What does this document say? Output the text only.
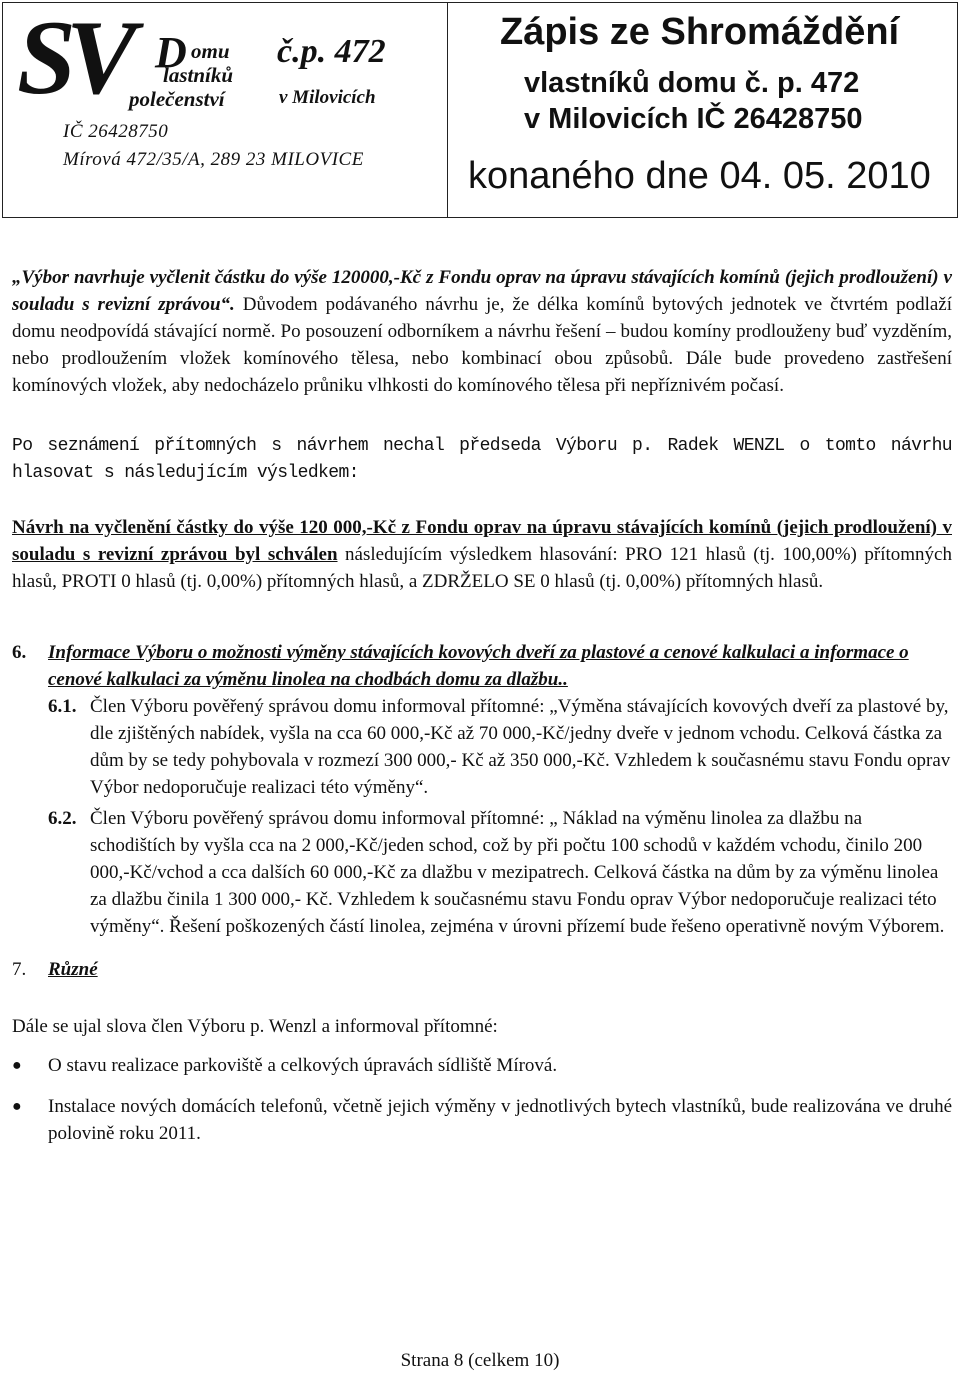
SV D omu
lastníků
polečenství
č.p. 472
v Milovicích
IČ 26428750
Mírová 472/35/A, 289 23 MILOVICE
Zápis ze Shromáždění
vlastníků domu č. p. 472
v Milovicích IČ 26428750
konaného dne 04. 05. 2010

„Výbor navrhuje vyčlenit částku do výše 120000,-Kč z Fondu oprav na úpravu stávajících komínů (jejich prodloužení) v souladu s revizní zprávou“. Důvodem podávaného návrhu je, že délka komínů bytových jednotek ve čtvrtém podlaží domu neodpovídá stávající normě. Po posouzení odborníkem a návrhu řešení – budou komíny prodlouženy buď vyzděním, nebo prodloužením vložek komínového tělesa, nebo kombinací obou způsobů. Dále bude provedeno zastřešení komínových vložek, aby nedocházelo průniku vlhkosti do komínového tělesa při nepříznivém počasí.

Po seznámení přítomných s návrhem nechal předseda Výboru p. Radek WENZL o tomto návrhu hlasovat s následujícím výsledkem:

Návrh na vyčlenění částky do výše 120 000,-Kč z Fondu oprav na úpravu stávajících komínů (jejich prodloužení) v souladu s revizní zprávou byl schválen následujícím výsledkem hlasování: PRO 121 hlasů (tj. 100,00%) přítomných hlasů, PROTI 0 hlasů (tj. 0,00%) přítomných hlasů, a ZDRŽELO SE 0 hlasů (tj. 0,00%) přítomných hlasů.

6.	Informace Výboru o možnosti výměny stávajících kovových dveří za plastové a cenové kalkulaci a informace o cenové kalkulaci za výměnu linolea na chodbách domu za dlažbu..
6.1. Člen Výboru pověřený správou domu informoval přítomné: „Výměna stávajících kovových dveří za plastové by, dle zjištěných nabídek, vyšla na cca 60 000,-Kč až 70 000,-Kč/jedny dveře v jednom vchodu. Celková částka za dům by se tedy pohybovala v rozmezí 300 000,- Kč až 350 000,-Kč. Vzhledem k současnému stavu Fondu oprav Výbor nedoporučuje realizaci této výměny“.
6.2. Člen Výboru pověřený správou domu informoval přítomné: „ Náklad na výměnu linolea za dlažbu na schodištích by vyšla cca na 2 000,-Kč/jeden schod, což by při počtu 100 schodů v každém vchodu, činilo 200 000,-Kč/vchod a cca dalších 60 000,-Kč za dlažbu v mezipatrech. Celková částka na dům by za výměnu linolea za dlažbu činila 1 300 000,- Kč. Vzhledem k současnému stavu Fondu oprav Výbor nedoporučuje realizaci této výměny“. Řešení poškozených částí linolea, zejména v úrovni přízemí bude řešeno operativně novým Výborem.
7.	Různé

Dále se ujal slova člen Výboru p. Wenzl a informoval přítomné:

●	O stavu realizace parkoviště a celkových úpravách sídliště Mírová.
●	Instalace nových domácích telefonů, včetně jejich výměny v jednotlivých bytech vlastníků, bude realizována ve druhé polovině roku 2011.
Strana 8 (celkem 10)
